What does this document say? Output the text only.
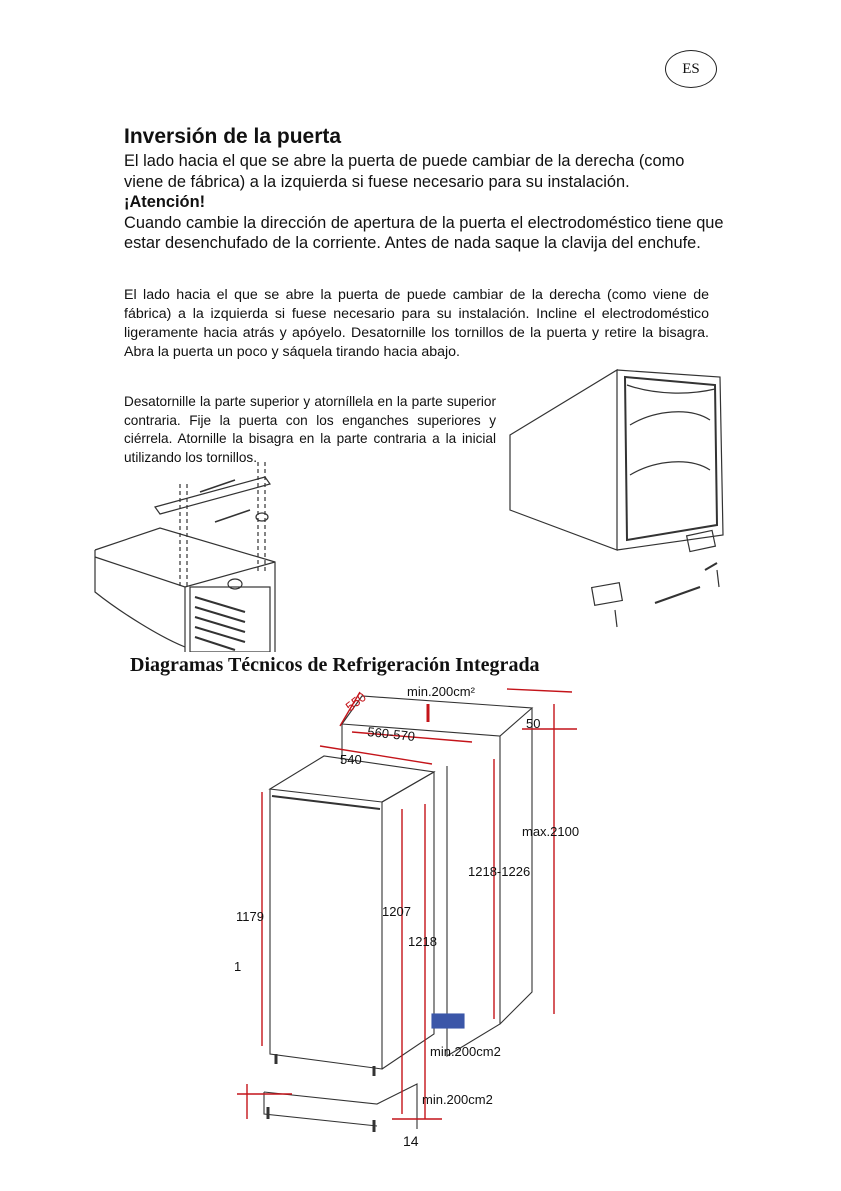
ES
Inversión de la puerta

El lado hacia el que se abre la puerta de puede cambiar de la derecha (como viene de fábrica) a la izquierda si fuese necesario para su instalación.

¡Atención!

Cuando cambie la dirección de apertura de la puerta el electrodoméstico tiene que estar desenchufado de la corriente. Antes de nada saque la clavija del enchufe.

El lado hacia el que se abre la puerta de puede cambiar de la derecha (como viene de fábrica) a la izquierda si fuese necesario para su instalación. Incline el electrodoméstico ligeramente hacia atrás y apóyelo. Desatornille los tornillos de la puerta y retire la bisagra. Abra la puerta un poco y sáquela tirando hacia abajo.
Desatornille la parte superior y atorníllela en la parte superior contraria. Fije la puerta con los enganches superiores y ciérrela. Atornille la bisagra en la parte contraria a la inicial utilizando los tornillos.
Diagramas Técnicos de Refrigeración Integrada
550	min.200cm²
560-570
50
540
max.2100
1218-1226
1179	1207
1218
1
min.200cm2
min.200cm2
14
